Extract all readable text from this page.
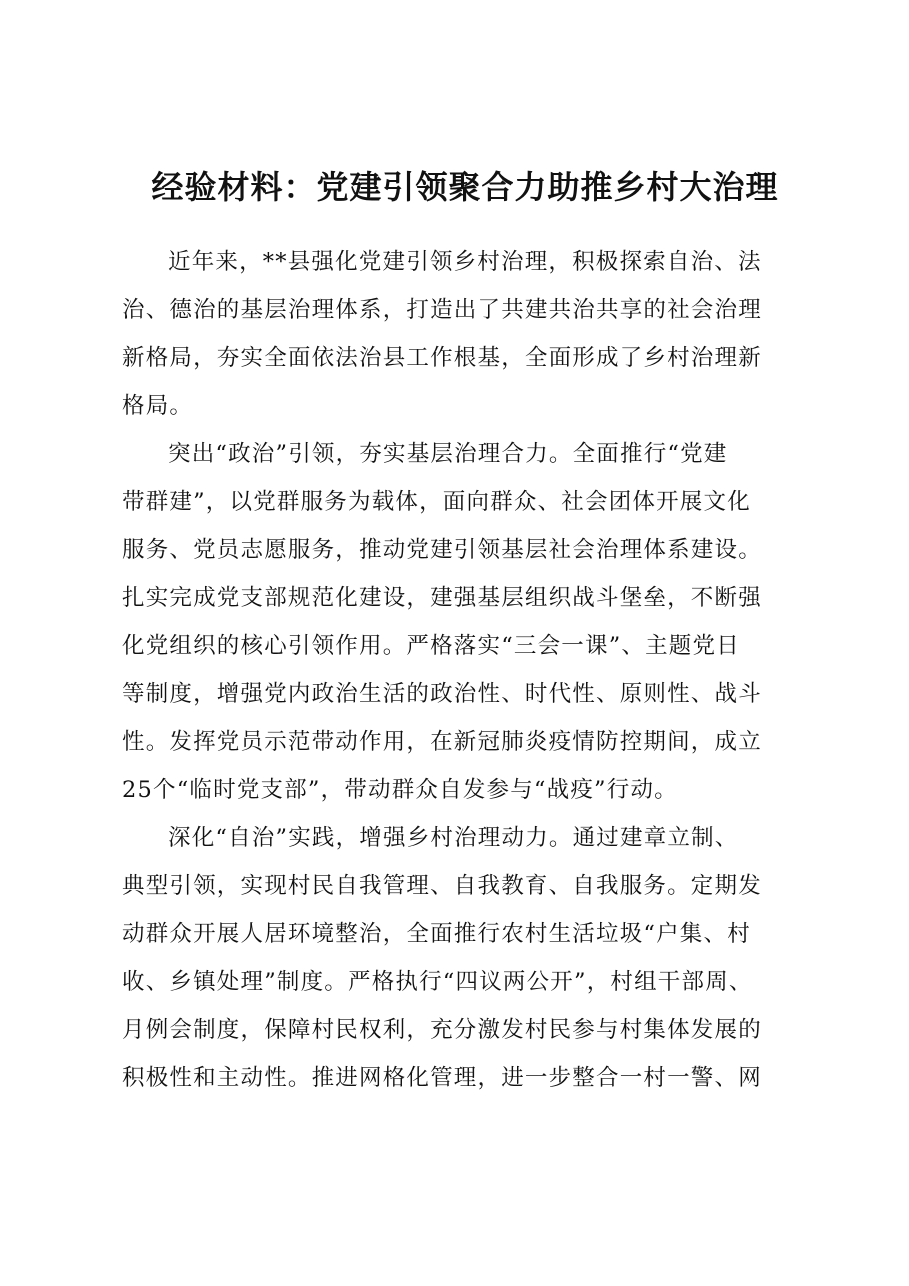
经验材料：党建引领聚合力助推乡村大治理

近年来，**县强化党建引领乡村治理，积极探索自治、法
治、德治的基层治理体系，打造出了共建共治共享的社会治理
新格局，夯实全面依法治县工作根基，全面形成了乡村治理新
格局。

突出“政治”引领，夯实基层治理合力。全面推行“党建
带群建”，以党群服务为载体，面向群众、社会团体开展文化
服务、党员志愿服务，推动党建引领基层社会治理体系建设。
扎实完成党支部规范化建设，建强基层组织战斗堡垒，不断强
化党组织的核心引领作用。严格落实“三会一课”、主题党日
等制度，增强党内政治生活的政治性、时代性、原则性、战斗
性。发挥党员示范带动作用，在新冠肺炎疫情防控期间，成立
25个“临时党支部”，带动群众自发参与“战疫”行动。

深化“自治”实践，增强乡村治理动力。通过建章立制、
典型引领，实现村民自我管理、自我教育、自我服务。定期发
动群众开展人居环境整治，全面推行农村生活垃圾“户集、村
收、乡镇处理”制度。严格执行“四议两公开”，村组干部周、
月例会制度，保障村民权利，充分激发村民参与村集体发展的
积极性和主动性。推进网格化管理，进一步整合一村一警、网
